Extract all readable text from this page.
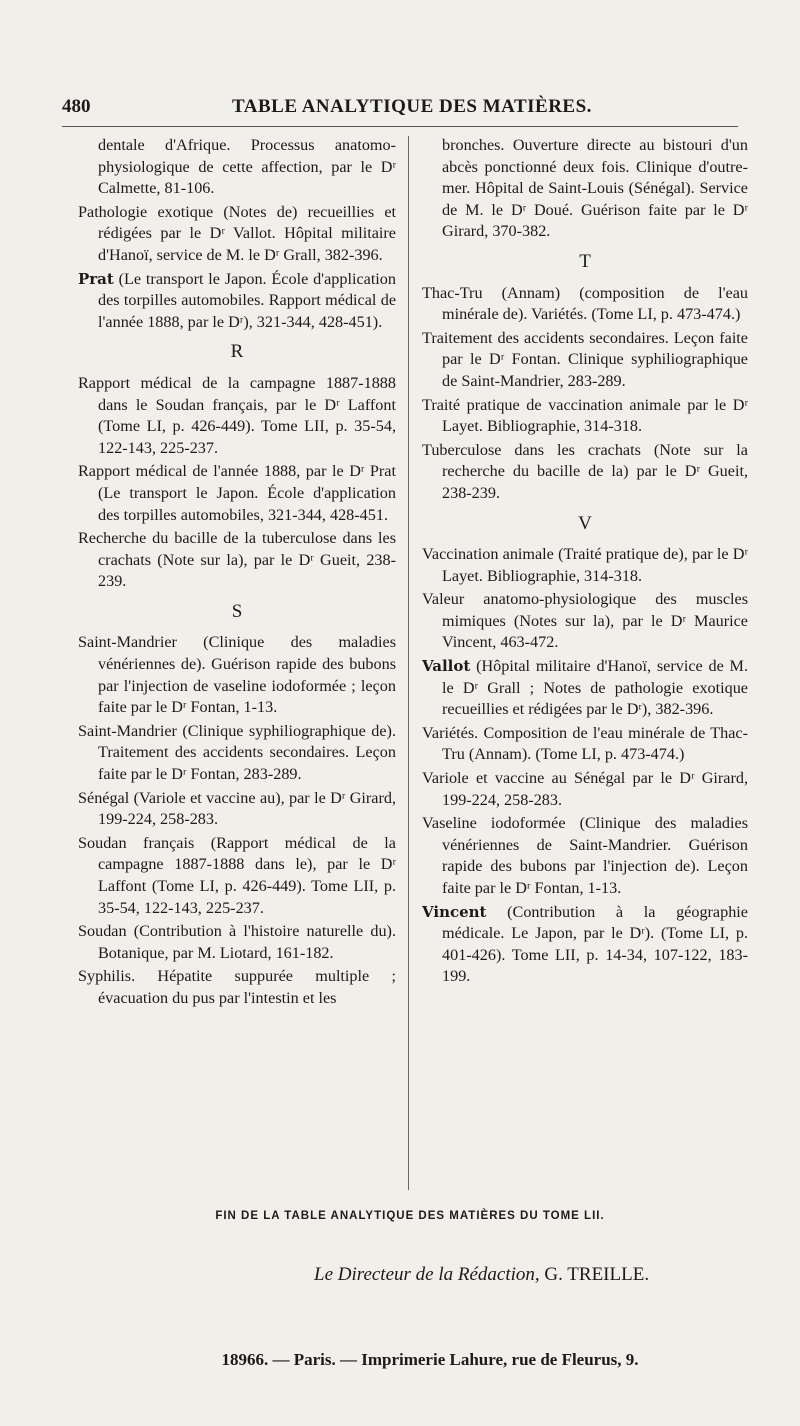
480	TABLE ANALYTIQUE DES MATIÈRES.
dentale d'Afrique. Processus anatomo-physiologique de cette affection, par le Dʳ Calmette, 81-106.
Pathologie exotique (Notes de) recueillies et rédigées par le Dʳ Vallot. Hôpital militaire d'Hanoï, service de M. le Dʳ Grall, 382-396.
Prat (Le transport le Japon. École d'application des torpilles automobiles. Rapport médical de l'année 1888, par le Dʳ), 321-344, 428-451).
R
Rapport médical de la campagne 1887-1888 dans le Soudan français, par le Dʳ Laffont (Tome LI, p. 426-449). Tome LII, p. 35-54, 122-143, 225-237.
Rapport médical de l'année 1888, par le Dʳ Prat (Le transport le Japon. École d'application des torpilles automobiles, 321-344, 428-451.
Recherche du bacille de la tuberculose dans les crachats (Note sur la), par le Dʳ Gueit, 238-239.
S
Saint-Mandrier (Clinique des maladies vénériennes de). Guérison rapide des bubons par l'injection de vaseline iodoformée ; leçon faite par le Dʳ Fontan, 1-13.
Saint-Mandrier (Clinique syphiliographique de). Traitement des accidents secondaires. Leçon faite par le Dʳ Fontan, 283-289.
Sénégal (Variole et vaccine au), par le Dʳ Girard, 199-224, 258-283.
Soudan français (Rapport médical de la campagne 1887-1888 dans le), par le Dʳ Laffont (Tome LI, p. 426-449). Tome LII, p. 35-54, 122-143, 225-237.
Soudan (Contribution à l'histoire naturelle du). Botanique, par M. Liotard, 161-182.
Syphilis. Hépatite suppurée multiple ; évacuation du pus par l'intestin et les
bronches. Ouverture directe au bistouri d'un abcès ponctionné deux fois. Clinique d'outre-mer. Hôpital de Saint-Louis (Sénégal). Service de M. le Dʳ Doué. Guérison faite par le Dʳ Girard, 370-382.
T
Thac-Tru (Annam) (composition de l'eau minérale de). Variétés. (Tome LI, p. 473-474.)
Traitement des accidents secondaires. Leçon faite par le Dʳ Fontan. Clinique syphiliographique de Saint-Mandrier, 283-289.
Traité pratique de vaccination animale par le Dʳ Layet. Bibliographie, 314-318.
Tuberculose dans les crachats (Note sur la recherche du bacille de la) par le Dʳ Gueit, 238-239.
V
Vaccination animale (Traité pratique de), par le Dʳ Layet. Bibliographie, 314-318.
Valeur anatomo-physiologique des muscles mimiques (Notes sur la), par le Dʳ Maurice Vincent, 463-472.
Vallot (Hôpital militaire d'Hanoï, service de M. le Dʳ Grall ; Notes de pathologie exotique recueillies et rédigées par le Dʳ), 382-396.
Variétés. Composition de l'eau minérale de Thac-Tru (Annam). (Tome LI, p. 473-474.)
Variole et vaccine au Sénégal par le Dʳ Girard, 199-224, 258-283.
Vaseline iodoformée (Clinique des maladies vénériennes de Saint-Mandrier. Guérison rapide des bubons par l'injection de). Leçon faite par le Dʳ Fontan, 1-13.
Vincent (Contribution à la géographie médicale. Le Japon, par le Dʳ). (Tome LI, p. 401-426). Tome LII, p. 14-34, 107-122, 183-199.
FIN DE LA TABLE ANALYTIQUE DES MATIÈRES DU TOME LII.
Le Directeur de la Rédaction, G. TREILLE.
18966. — Paris. — Imprimerie Lahure, rue de Fleurus, 9.
